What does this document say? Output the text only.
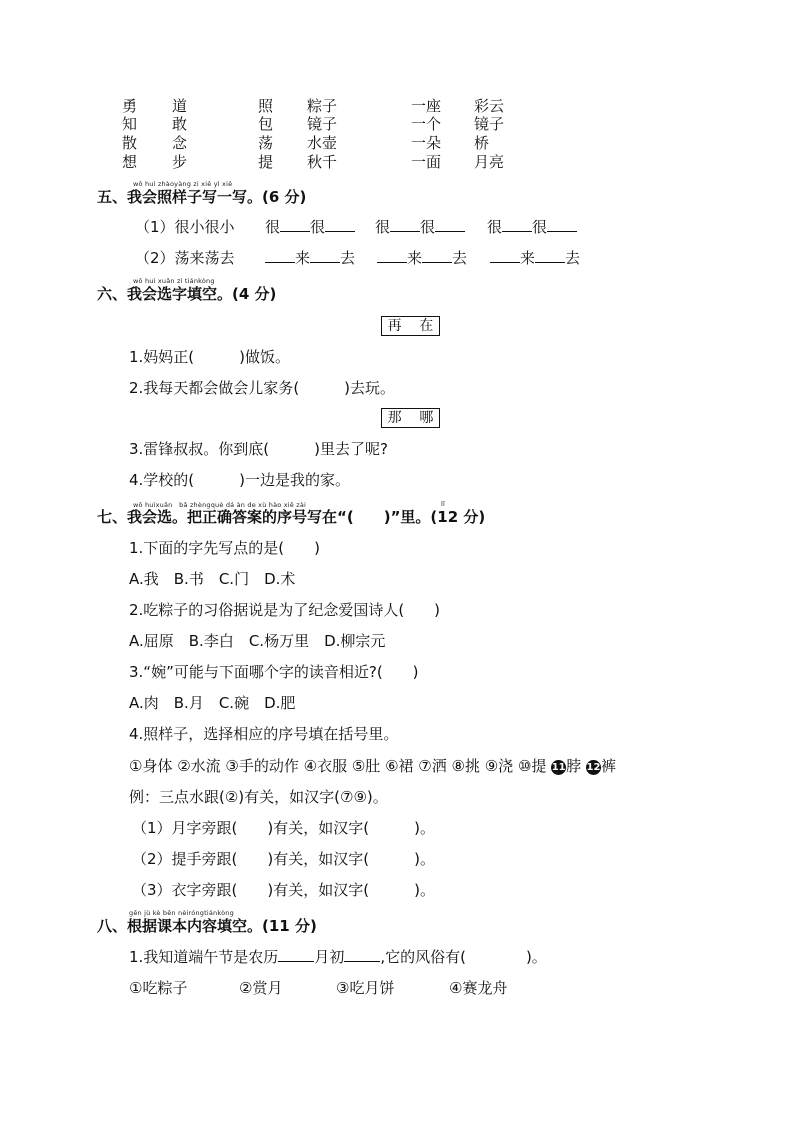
勇 道	照 粽子	一座 彩云
知 敢	包 镜子	一个 镜子
散 念	荡 水壶	一朵 桥
想 步	提 秋千	一面 月亮
wǒ huì zhàoyàng zi xiě yì xiě
五、我会照样子写一写。(6 分)
（1）很小很小 很 很	很 很	很 很
（2）荡来荡去	来 去	来 去	来 去
wǒ huì xuǎn zì tiánkòng
六、我会选字填空。(4 分)
再 在
1.妈妈正(　　　)做饭。
2.我每天都会做会儿家务(　　　)去玩。
那 哪
3.雷锋叔叔。你到底(　　　)里去了呢?
4.学校的(　　　)一边是我的家。
wǒ huìxuǎn　bǎ zhèngquè dá àn de xù hào xiě zài	lǐ
七、我会选。把正确答案的序号写在“(　　)”里。(12 分)
1.下面的字先写点的是(　　)
A.我　B.书　C.门　D.术
2.吃粽子的习俗据说是为了纪念爱国诗人(　　)
A.屈原　B.李白　C.杨万里　D.柳宗元
3.“婉”可能与下面哪个字的读音相近?(　　)
A.肉　B.月　C.碗　D.肥
4.照样子，选择相应的序号填在括号里。
①身体 ②水流 ③手的动作 ④衣服 ⑤肚 ⑥裙 ⑦洒 ⑧挑 ⑨浇 ⑩提 11脖 12裤
例：三点水跟(②)有关，如汉字(⑦⑨)。
（1）月字旁跟(　　)有关，如汉字(　　　)。
（2）提手旁跟(　　)有关，如汉字(　　　)。
（3）衣字旁跟(　　)有关，如汉字(　　　)。
gēn jù kè běn nèiróngtiánkòng
八、根据课本内容填空。(11 分)
1.我知道端午节是农历 月初 ,它的风俗有(　　　　)。
①吃粽子	②赏月	③吃月饼	④赛龙舟
